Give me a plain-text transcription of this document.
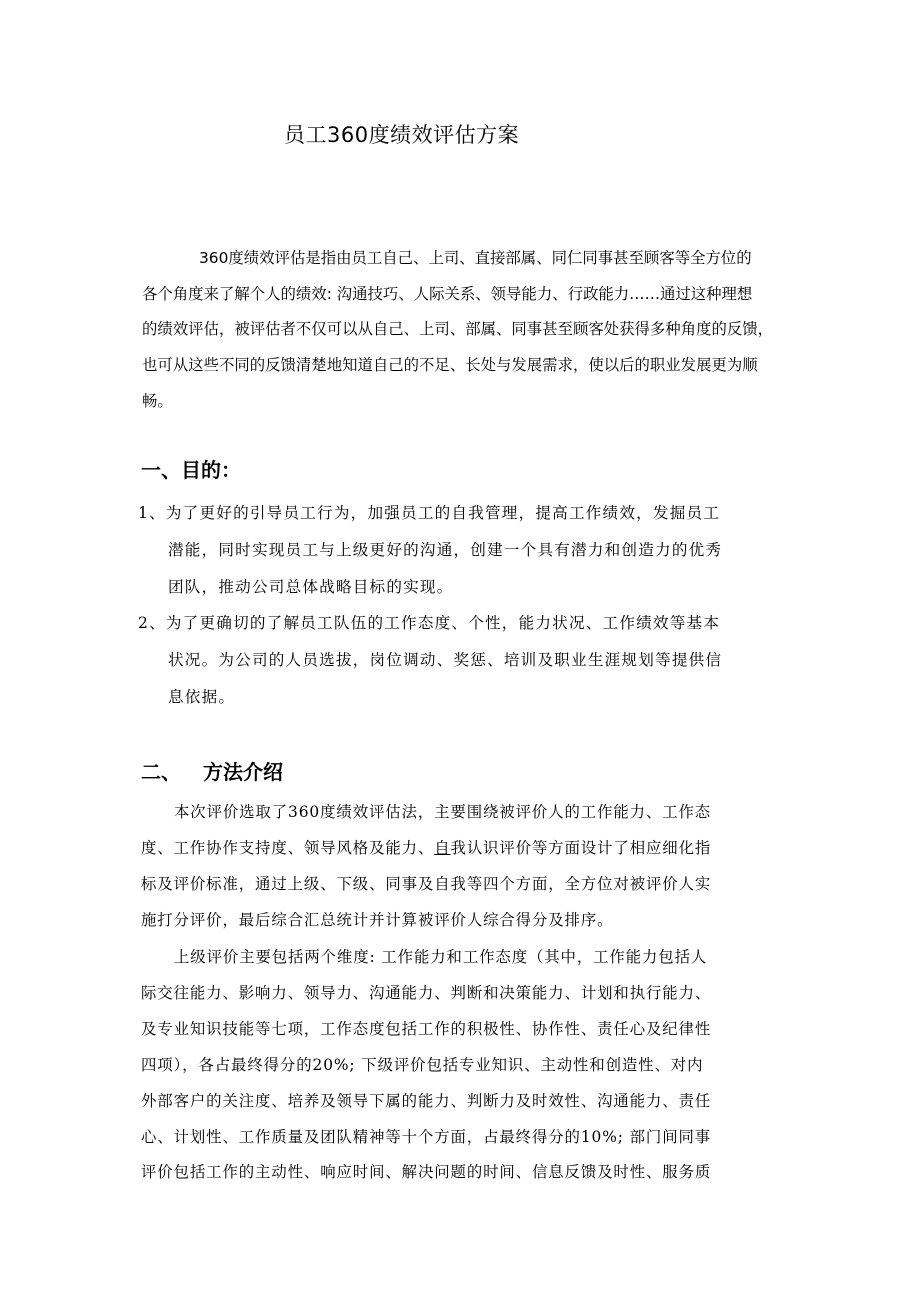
员工360度绩效评估方案

360度绩效评估是指由员工自己、上司、直接部属、同仁同事甚至顾客等全方位的
各个角度来了解个人的绩效: 沟通技巧、人际关系、领导能力、行政能力……通过这种理想
的绩效评估，被评估者不仅可以从自己、上司、部属、同事甚至顾客处获得多种角度的反馈，
也可从这些不同的反馈清楚地知道自己的不足、长处与发展需求，使以后的职业发展更为顺
畅。

一、目的：
1、为了更好的引导员工行为，加强员工的自我管理，提高工作绩效，发掘员工
潜能，同时实现员工与上级更好的沟通，创建一个具有潜力和创造力的优秀
团队，推动公司总体战略目标的实现。
2、为了更确切的了解员工队伍的工作态度、个性，能力状况、工作绩效等基本
状况。为公司的人员选拔，岗位调动、奖惩、培训及职业生涯规划等提供信
息依据。
二、 方法介绍
本次评价选取了360度绩效评估法，主要围绕被评价人的工作能力、工作态
度、工作协作支持度、领导风格及能力、自我认识评价等方面设计了相应细化指
标及评价标准，通过上级、下级、同事及自我等四个方面，全方位对被评价人实
施打分评价，最后综合汇总统计并计算被评价人综合得分及排序。
上级评价主要包括两个维度: 工作能力和工作态度（其中，工作能力包括人
际交往能力、影响力、领导力、沟通能力、判断和决策能力、计划和执行能力、
及专业知识技能等七项，工作态度包括工作的积极性、协作性、责任心及纪律性
四项），各占最终得分的20%; 下级评价包括专业知识、主动性和创造性、对内
外部客户的关注度、培养及领导下属的能力、判断力及时效性、沟通能力、责任
心、计划性、工作质量及团队精神等十个方面，占最终得分的10%; 部门间同事
评价包括工作的主动性、响应时间、解决问题的时间、信息反馈及时性、服务质
